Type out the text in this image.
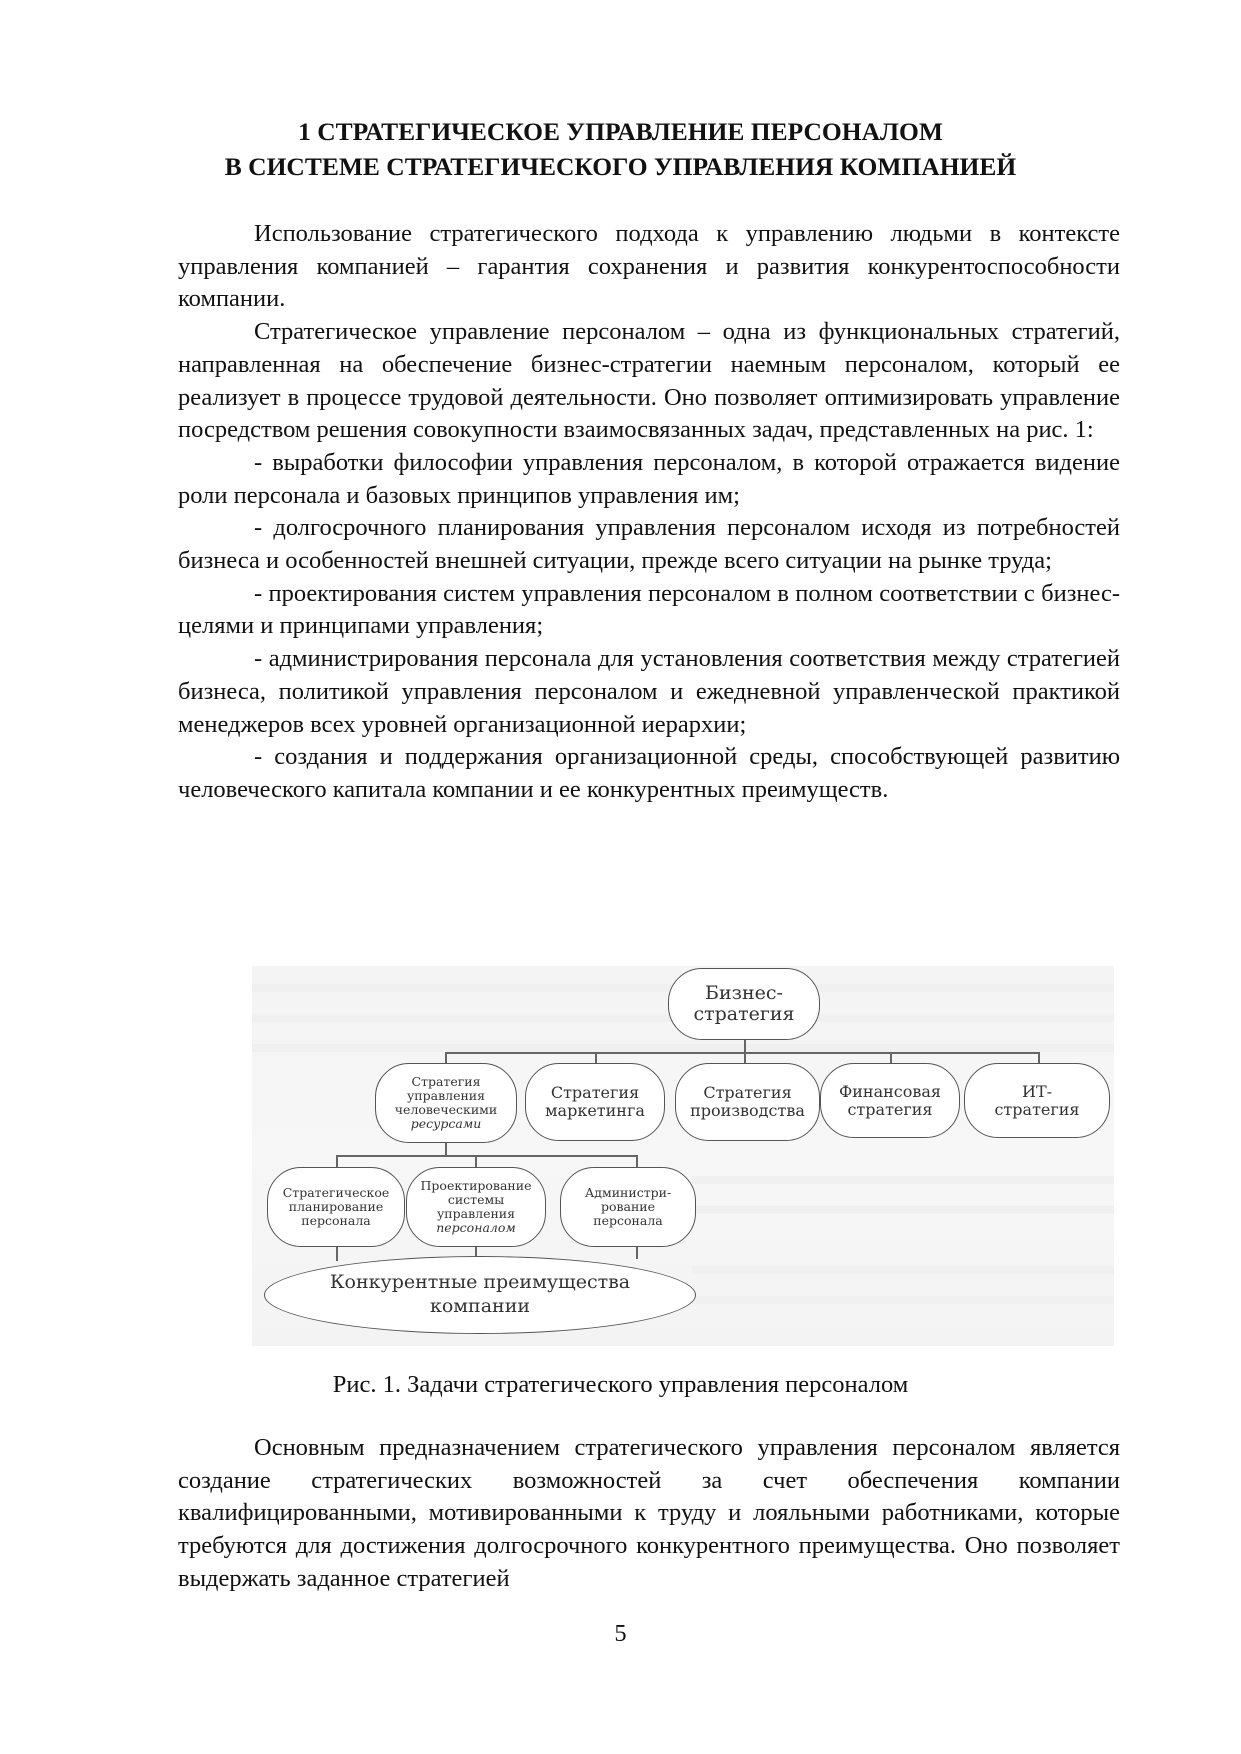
1 СТРАТЕГИЧЕСКОЕ УПРАВЛЕНИЕ ПЕРСОНАЛОМ
В СИСТЕМЕ СТРАТЕГИЧЕСКОГО УПРАВЛЕНИЯ КОМПАНИЕЙ

Использование стратегического подхода к управлению людьми в контексте управления компанией – гарантия сохранения и развития конкурентоспособности компании.

Стратегическое управление персоналом – одна из функциональных стратегий, направленная на обеспечение бизнес-стратегии наемным персоналом, который ее реализует в процессе трудовой деятельности. Оно позволяет оптимизировать управление посредством решения совокупности взаимосвязанных задач, представленных на рис. 1:

- выработки философии управления персоналом, в которой отражается видение роли персонала и базовых принципов управления им;

- долгосрочного планирования управления персоналом исходя из потребностей бизнеса и особенностей внешней ситуации, прежде всего ситуации на рынке труда;

- проектирования систем управления персоналом в полном соответствии с бизнес-целями и принципами управления;

- администрирования персонала для установления соответствия между стратегией бизнеса, политикой управления персоналом и ежедневной управленческой практикой менеджеров всех уровней организационной иерархии;

- создания и поддержания организационной среды, способствующей развитию человеческого капитала компании и ее конкурентных преимуществ.

Бизнес-
стратегия
Стратегия
управления
человеческими
ресурсами
Стратегия
маркетинга
Стратегия
производства
Финансовая
стратегия
ИТ-
стратегия
Стратегическое
планирование
персонала
Проектирование
системы
управления
персоналом
Администри-
рование
персонала
Конкурентные преимущества
компании
Рис. 1. Задачи стратегического управления персоналом

Основным предназначением стратегического управления персоналом является создание стратегических возможностей за счет обеспечения компании квалифицированными, мотивированными к труду и лояльными работниками, которые требуются для достижения долгосрочного конкурентного преимущества. Оно позволяет выдержать заданное стратегией

5
